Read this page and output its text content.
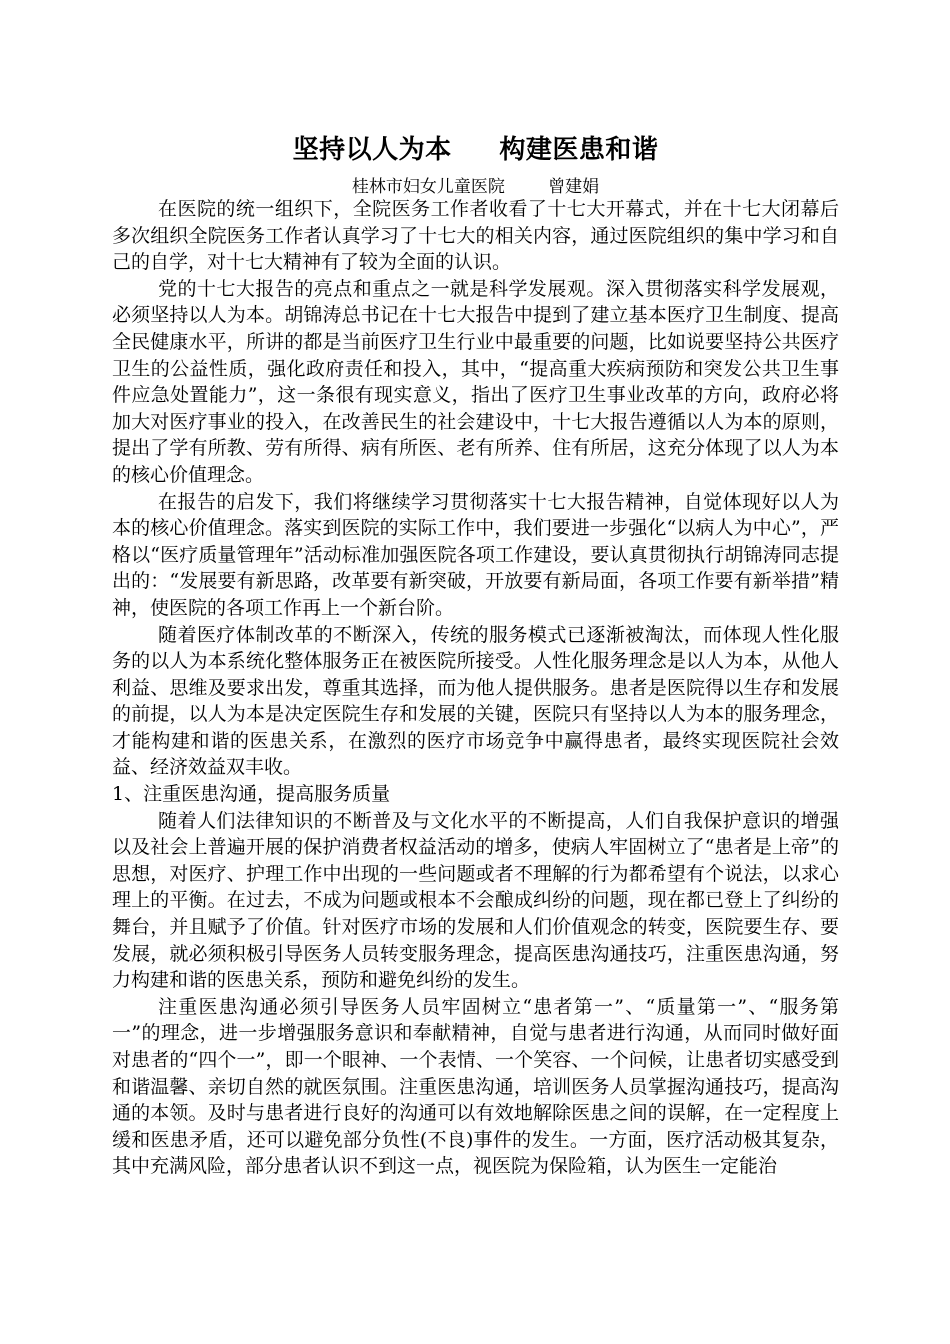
坚持以人为本     构建医患和谐
桂林市妇女儿童医院        曾建娟

在医院的统一组织下，全院医务工作者收看了十七大开幕式，并在十七大闭幕后多次组织全院医务工作者认真学习了十七大的相关内容，通过医院组织的集中学习和自己的自学，对十七大精神有了较为全面的认识。

党的十七大报告的亮点和重点之一就是科学发展观。深入贯彻落实科学发展观，必须坚持以人为本。胡锦涛总书记在十七大报告中提到了建立基本医疗卫生制度、提高全民健康水平，所讲的都是当前医疗卫生行业中最重要的问题，比如说要坚持公共医疗卫生的公益性质，强化政府责任和投入，其中，“提高重大疾病预防和突发公共卫生事件应急处置能力”，这一条很有现实意义，指出了医疗卫生事业改革的方向，政府必将加大对医疗事业的投入，在改善民生的社会建设中，十七大报告遵循以人为本的原则，提出了学有所教、劳有所得、病有所医、老有所养、住有所居，这充分体现了以人为本的核心价值理念。

在报告的启发下，我们将继续学习贯彻落实十七大报告精神，自觉体现好以人为本的核心价值理念。落实到医院的实际工作中，我们要进一步强化“以病人为中心”，严格以“医疗质量管理年”活动标准加强医院各项工作建设，要认真贯彻执行胡锦涛同志提出的：“发展要有新思路，改革要有新突破，开放要有新局面，各项工作要有新举措”精神，使医院的各项工作再上一个新台阶。

随着医疗体制改革的不断深入，传统的服务模式已逐渐被淘汰，而体现人性化服务的以人为本系统化整体服务正在被医院所接受。人性化服务理念是以人为本，从他人利益、思维及要求出发，尊重其选择，而为他人提供服务。患者是医院得以生存和发展的前提，以人为本是决定医院生存和发展的关键，医院只有坚持以人为本的服务理念，才能构建和谐的医患关系，在激烈的医疗市场竞争中赢得患者，最终实现医院社会效益、经济效益双丰收。

1、注重医患沟通，提高服务质量

随着人们法律知识的不断普及与文化水平的不断提高，人们自我保护意识的增强以及社会上普遍开展的保护消费者权益活动的增多，使病人牢固树立了“患者是上帝”的思想，对医疗、护理工作中出现的一些问题或者不理解的行为都希望有个说法，以求心理上的平衡。在过去，不成为问题或根本不会酿成纠纷的问题，现在都已登上了纠纷的舞台，并且赋予了价值。针对医疗市场的发展和人们价值观念的转变，医院要生存、要发展，就必须积极引导医务人员转变服务理念，提高医患沟通技巧，注重医患沟通，努力构建和谐的医患关系，预防和避免纠纷的发生。

注重医患沟通必须引导医务人员牢固树立“患者第一”、“质量第一”、“服务第一”的理念，进一步增强服务意识和奉献精神，自觉与患者进行沟通，从而同时做好面对患者的“四个一”，即一个眼神、一个表情、一个笑容、一个问候，让患者切实感受到和谐温馨、亲切自然的就医氛围。注重医患沟通，培训医务人员掌握沟通技巧，提高沟通的本领。及时与患者进行良好的沟通可以有效地解除医患之间的误解，在一定程度上缓和医患矛盾，还可以避免部分负性(不良)事件的发生。一方面，医疗活动极其复杂，其中充满风险，部分患者认识不到这一点，视医院为保险箱，认为医生一定能治
